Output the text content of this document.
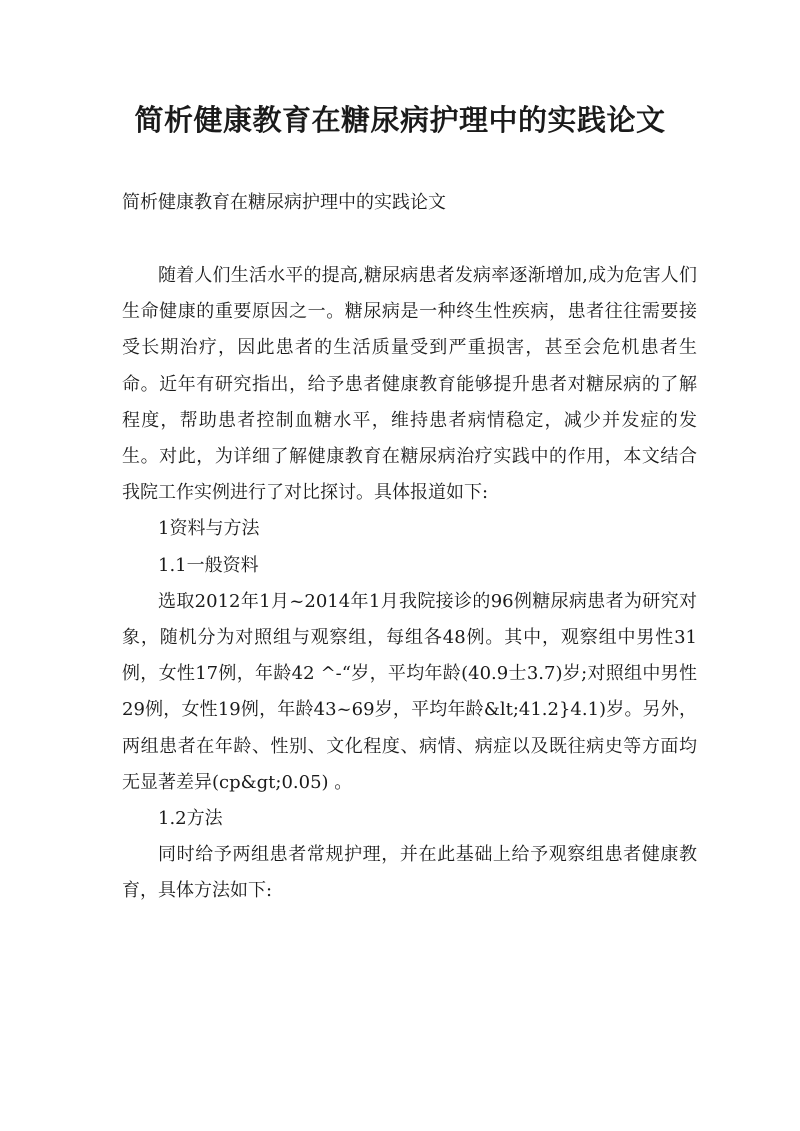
简析健康教育在糖尿病护理中的实践论文
简析健康教育在糖尿病护理中的实践论文

随着人们生活水平的提高,糖尿病患者发病率逐渐增加,成为危害人们生命健康的重要原因之一。糖尿病是一种终生性疾病，患者往往需要接受长期治疗，因此患者的生活质量受到严重损害，甚至会危机患者生命。近年有研究指出，给予患者健康教育能够提升患者对糖尿病的了解程度，帮助患者控制血糖水平，维持患者病情稳定，减少并发症的发生。对此，为详细了解健康教育在糖尿病治疗实践中的作用，本文结合我院工作实例进行了对比探讨。具体报道如下:

1资料与方法

1.1一般资料

选取2012年1月~2014年1月我院接诊的96例糖尿病患者为研究对象，随机分为对照组与观察组，每组各48例。其中，观察组中男性31例，女性17例，年龄42 ^-“岁，平均年龄(40.9士3.7)岁;对照组中男性29例，女性19例，年龄43~69岁，平均年龄&lt;41.2}4.1)岁。另外，两组患者在年龄、性别、文化程度、病情、病症以及既往病史等方面均无显著差异(cp&gt;0.05) 。

1.2方法

同时给予两组患者常规护理，并在此基础上给予观察组患者健康教育，具体方法如下:
